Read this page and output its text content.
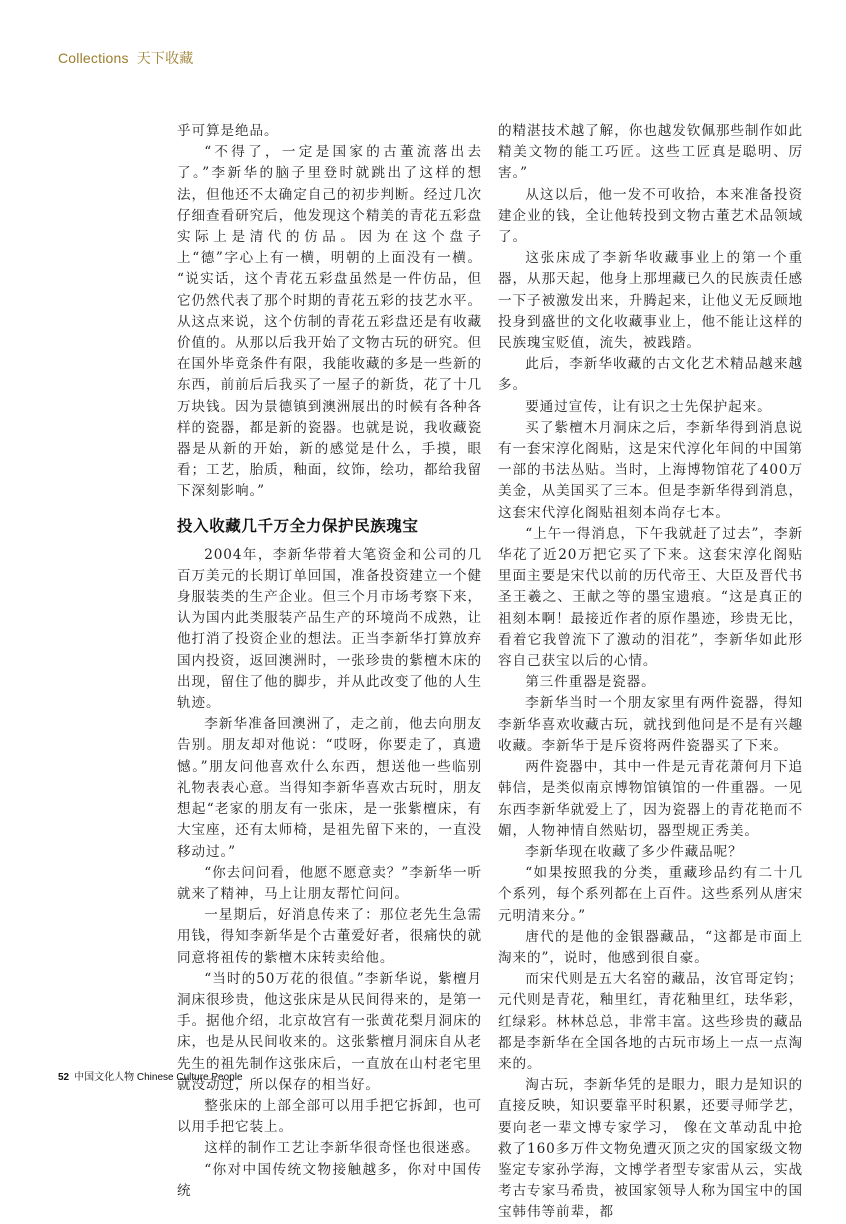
Collections 天下收藏

乎可算是绝品。

“不得了，一定是国家的古董流落出去了。”李新华的脑子里登时就跳出了这样的想法，但他还不太确定自己的初步判断。经过几次仔细查看研究后，他发现这个精美的青花五彩盘实际上是清代的仿品。因为在这个盘子上“德”字心上有一横，明朝的上面没有一横。 “说实话，这个青花五彩盘虽然是一件仿品，但它仍然代表了那个时期的青花五彩的技艺水平。从这点来说，这个仿制的青花五彩盘还是有收藏价值的。从那以后我开始了文物古玩的研究。但在国外毕竟条件有限，我能收藏的多是一些新的东西，前前后后我买了一屋子的新货，花了十几万块钱。因为景德镇到澳洲展出的时候有各种各样的瓷器，都是新的瓷器。也就是说，我收藏瓷器是从新的开始，新的感觉是什么，手摸，眼看；工艺，胎质，釉面，纹饰，绘功，都给我留下深刻影响。”

投入收藏几千万全力保护民族瑰宝

2004年，李新华带着大笔资金和公司的几百万美元的长期订单回国，准备投资建立一个健身服装类的生产企业。但三个月市场考察下来，认为国内此类服装产品生产的环境尚不成熟，让他打消了投资企业的想法。正当李新华打算放弃国内投资，返回澳洲时，一张珍贵的紫檀木床的出现，留住了他的脚步，并从此改变了他的人生轨迹。

李新华准备回澳洲了，走之前，他去向朋友告别。朋友却对他说：“哎呀，你要走了，真遗憾。”朋友问他喜欢什么东西，想送他一些临别礼物表表心意。当得知李新华喜欢古玩时，朋友想起“老家的朋友有一张床，是一张紫檀床，有大宝座，还有太师椅，是祖先留下来的，一直没移动过。”

“你去问问看，他愿不愿意卖？”李新华一听就来了精神，马上让朋友帮忙问问。

一星期后，好消息传来了：那位老先生急需用钱，得知李新华是个古董爱好者，很痛快的就同意将祖传的紫檀木床转卖给他。

“当时的50万花的很值。”李新华说，紫檀月洞床很珍贵，他这张床是从民间得来的，是第一手。据他介绍，北京故宫有一张黄花梨月洞床的床，也是从民间收来的。这张紫檀月洞床自从老先生的祖先制作这张床后，一直放在山村老宅里就没动过，所以保存的相当好。

整张床的上部全部可以用手把它拆卸，也可以用手把它装上。

这样的制作工艺让李新华很奇怪也很迷惑。

“你对中国传统文物接触越多，你对中国传统

的精湛技术越了解，你也越发钦佩那些制作如此精美文物的能工巧匠。这些工匠真是聪明、厉害。”

从这以后，他一发不可收拾，本来准备投资建企业的钱，全让他转投到文物古董艺术品领域了。

这张床成了李新华收藏事业上的第一个重器，从那天起，他身上那埋藏已久的民族责任感一下子被激发出来，升腾起来，让他义无反顾地投身到盛世的文化收藏事业上，他不能让这样的民族瑰宝贬值，流失，被践踏。

此后，李新华收藏的古文化艺术精品越来越多。

要通过宣传，让有识之士先保护起来。

买了紫檀木月洞床之后，李新华得到消息说有一套宋淳化阁贴，这是宋代淳化年间的中国第一部的书法丛贴。当时，上海博物馆花了400万美金，从美国买了三本。但是李新华得到消息，这套宋代淳化阁贴祖刻本尚存七本。

“上午一得消息，下午我就赶了过去”，李新华花了近20万把它买了下来。这套宋淳化阁贴里面主要是宋代以前的历代帝王、大臣及晋代书圣王羲之、王献之等的墨宝遗痕。“这是真正的祖刻本啊！最接近作者的原作墨迹，珍贵无比，看着它我曾流下了激动的泪花”，李新华如此形容自己获宝以后的心情。

第三件重器是瓷器。

李新华当时一个朋友家里有两件瓷器，得知李新华喜欢收藏古玩，就找到他问是不是有兴趣收藏。李新华于是斥资将两件瓷器买了下来。

两件瓷器中，其中一件是元青花萧何月下追韩信，是类似南京博物馆镇馆的一件重器。一见东西李新华就爱上了，因为瓷器上的青花艳而不媚，人物神情自然贴切，器型规正秀美。

李新华现在收藏了多少件藏品呢？

“如果按照我的分类，重藏珍品约有二十几个系列，每个系列都在上百件。这些系列从唐宋元明清来分。”

唐代的是他的金银器藏品，“这都是市面上淘来的”，说时，他感到很自豪。

而宋代则是五大名窑的藏品，汝官哥定钧；元代则是青花，釉里红，青花釉里红，珐华彩，红绿彩。林林总总，非常丰富。这些珍贵的藏品都是李新华在全国各地的古玩市场上一点一点淘来的。

淘古玩，李新华凭的是眼力，眼力是知识的直接反映，知识要靠平时积累，还要寻师学艺，要向老一辈文博专家学习， 像在文革动乱中抢救了160多万件文物免遭灭顶之灾的国家级文物鉴定专家孙学海，文博学者型专家雷从云，实战考古专家马希贵，被国家领导人称为国宝中的国宝韩伟等前辈，都

52 中国文化人物 Chinese Culture People
